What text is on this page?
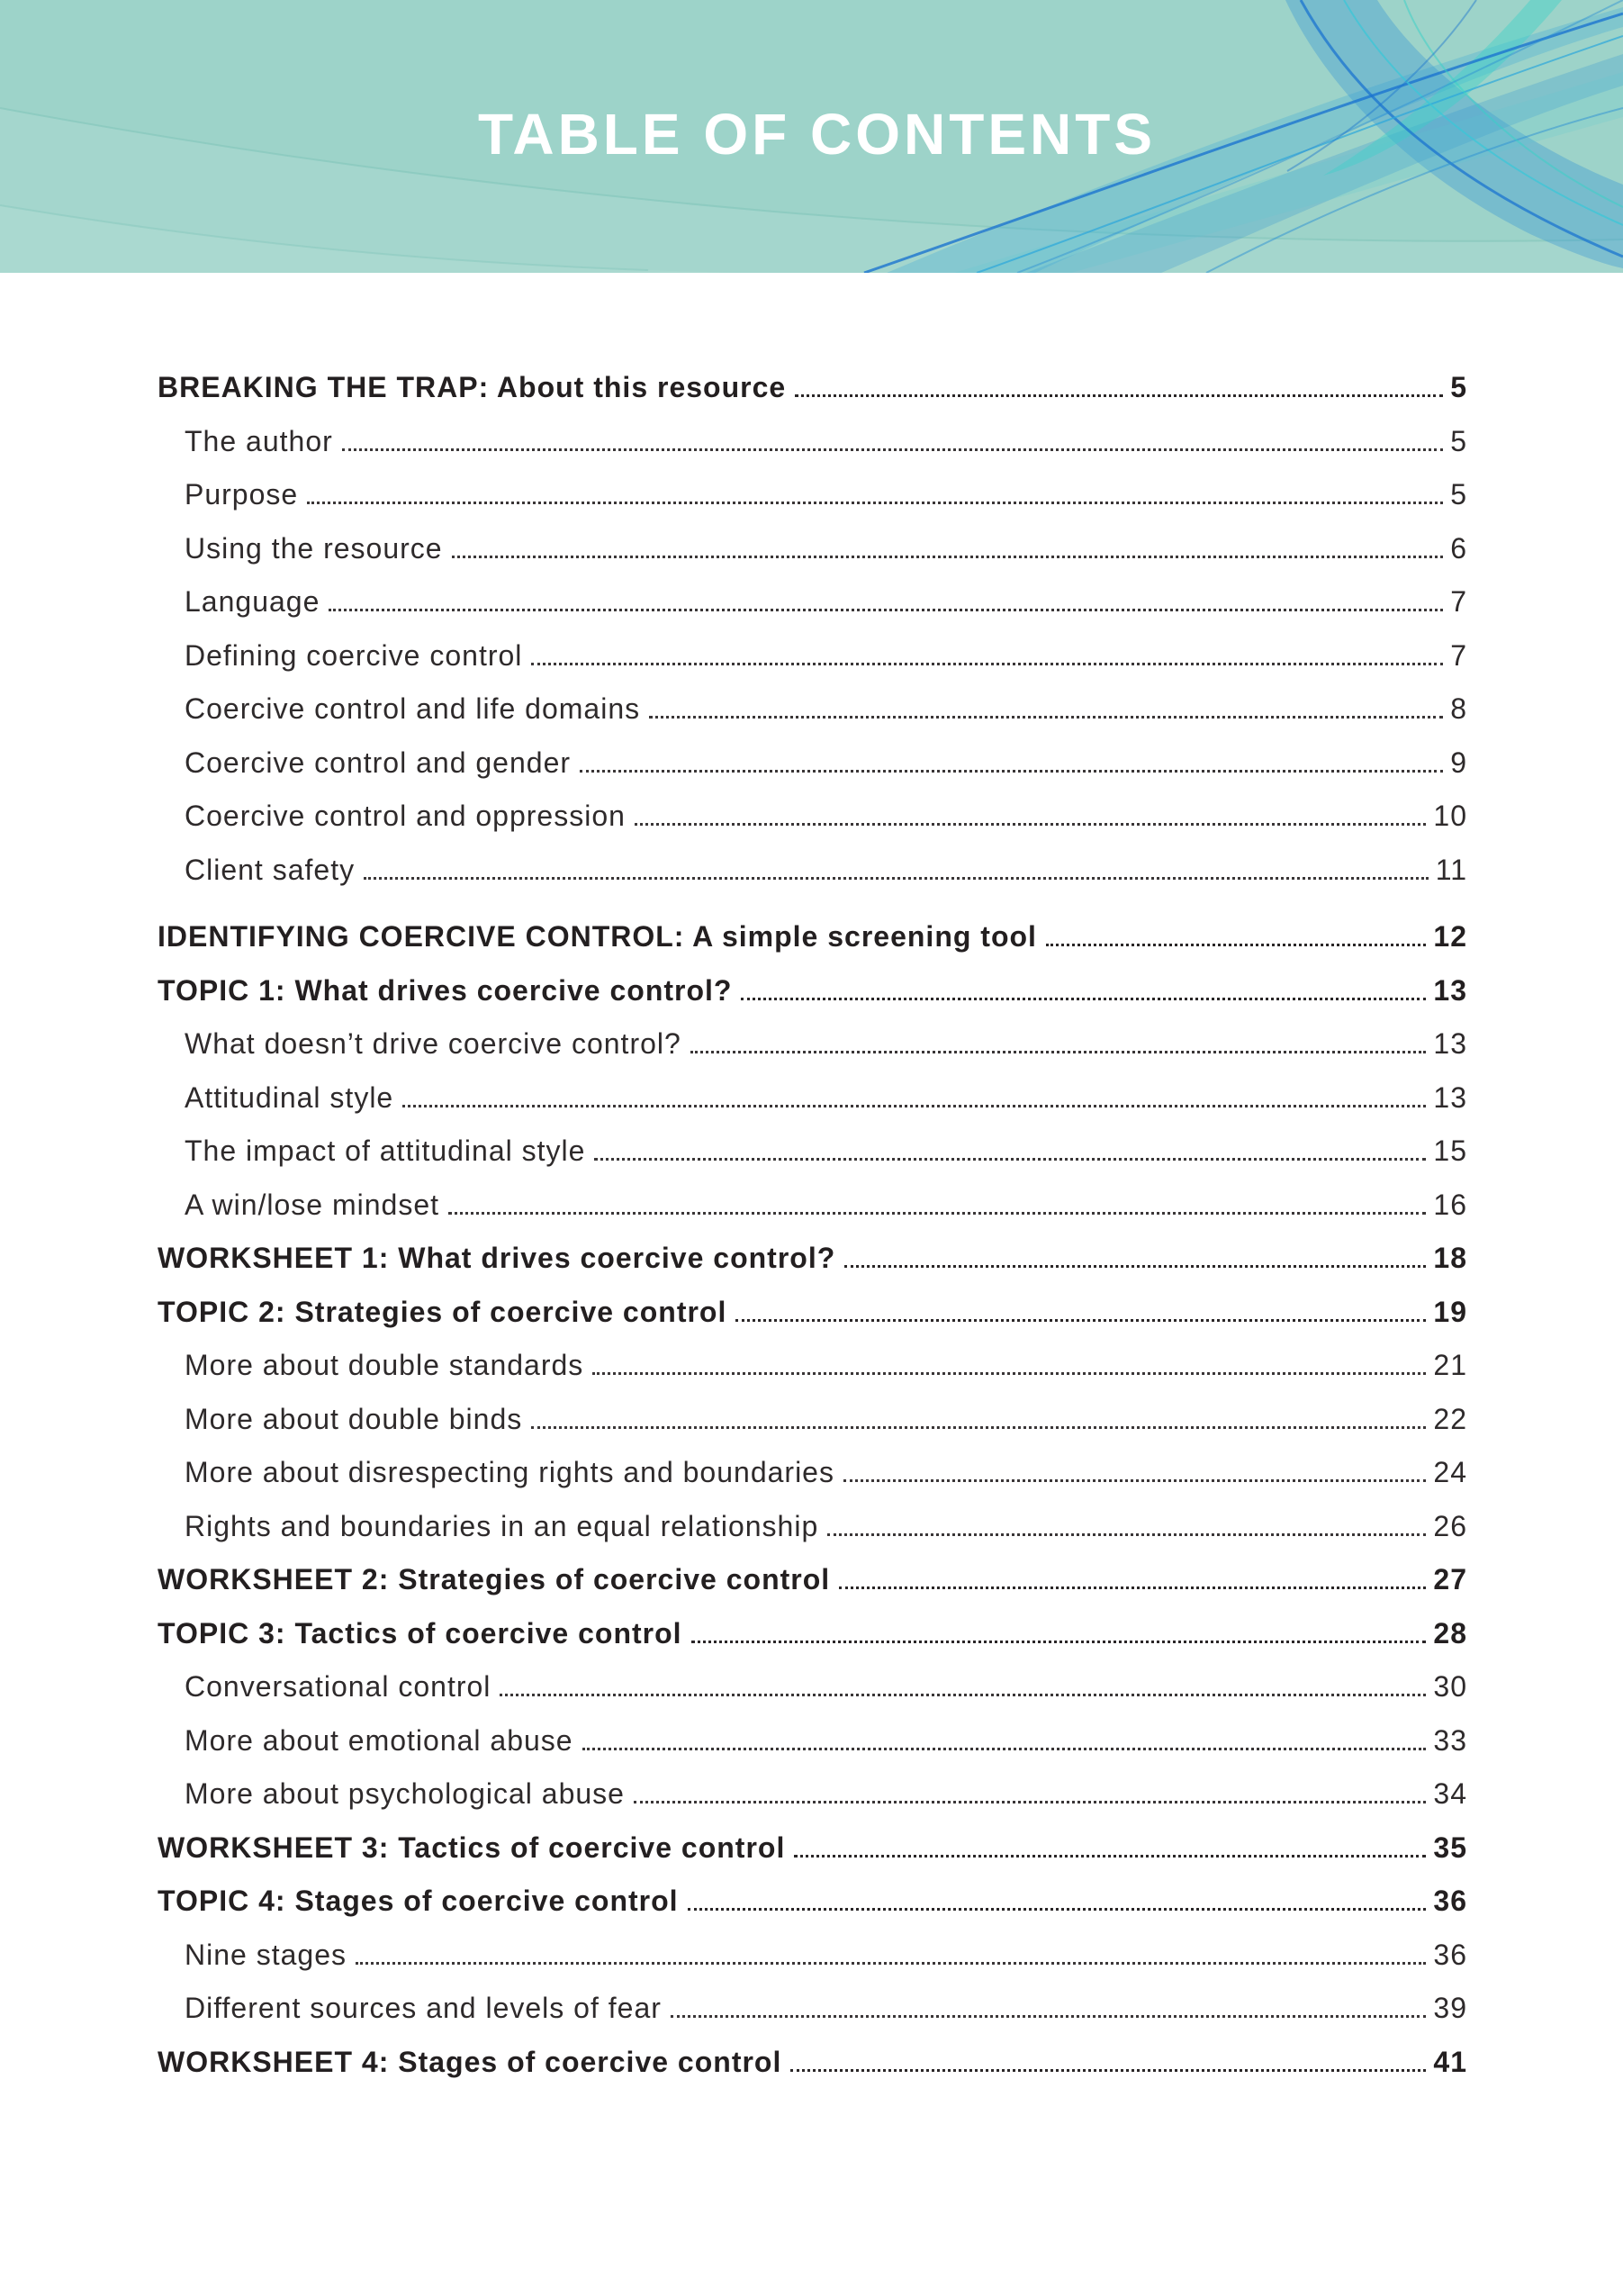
TABLE OF CONTENTS
BREAKING THE TRAP: About this resource	5
The author	5
Purpose	5
Using the resource	6
Language	7
Defining coercive control	7
Coercive control and life domains	8
Coercive control and gender	9
Coercive control and oppression	10
Client safety	11
IDENTIFYING COERCIVE CONTROL: A simple screening tool	12
TOPIC 1: What drives coercive control?	13
What doesn’t drive coercive control?	13
Attitudinal style	13
The impact of attitudinal style	15
A win/lose mindset	16
WORKSHEET 1: What drives coercive control?	18
TOPIC 2: Strategies of coercive control	19
More about double standards	21
More about double binds	22
More about disrespecting rights and boundaries	24
Rights and boundaries in an equal relationship	26
WORKSHEET 2: Strategies of coercive control	27
TOPIC 3: Tactics of coercive control	28
Conversational control	30
More about emotional abuse	33
More about psychological abuse	34
WORKSHEET 3: Tactics of coercive control	35
TOPIC 4: Stages of coercive control	36
Nine stages	36
Different sources and levels of fear	39
WORKSHEET 4: Stages of coercive control	41
